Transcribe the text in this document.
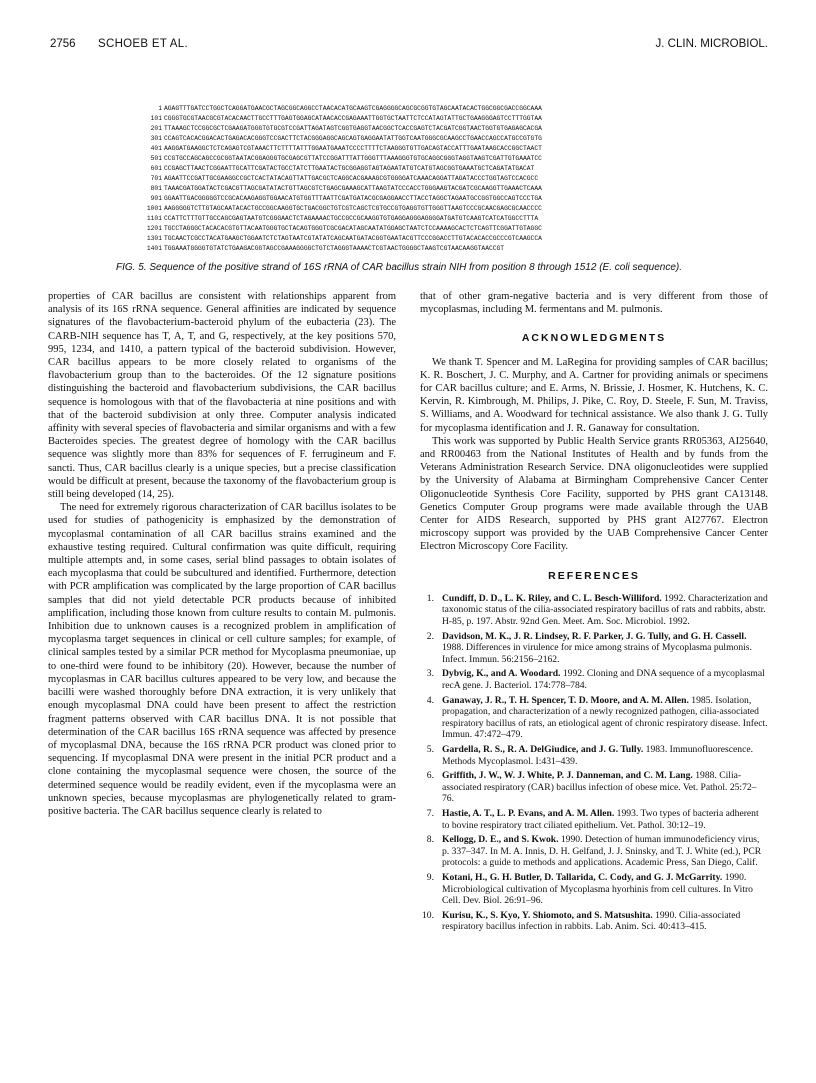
2756 SCHOEB ET AL.	J. CLIN. MICROBIOL.
1 AGAGTTTGATCCTGGCTCAGGATGAACGCTAGCGGCAGGCCTAACACATGCAAGTCGAGGGGCAGCGCGGTGTAGCAATACACTGGCGGCGACCGGCAAA
101 CGGGTGCGTAACGCGTACACAACTTGCCTTTGAGTGGAGCATAACACCGAGAAATTGGTGCTAATTCTCCATAGTATTGCTGAAGGGAGTCCTTTGGTAA
201 TTAAAGCTCCGGCGCTCGAAGATGGGTGTGCGTCCGATTAGATAGTCGGTGAGGTAACGGCTCACCGAGTCTACGATCGGTAACTGGTGTGAGAGCACGA
301 CCAGTCACACGGACACTGAGACACGGGTCCGACTTCTACGGGAGGCAGCAGTGAGGAATATTGGTCAATGGGCGCAAGCCTGAACCAGCCATGCCGTGTG
401 AAGGATGAAGGCTCTCAGAGTCGTAAACTTCTTTTATTTGGAATGAAATCCCCTTTTCTAAGGGTGTTGACAGTACCATTTGAATAAGCACCGGCTAACT
501 CCGTGCCAGCAGCCGCGGTAATACGGAGGGTGCGAGCGTTATCCGGATTTATTGGGTTTAAAGGGTGTGCAGGCGGGTAGGTAAGTCGATTGTGAAATCC
601 CCGAGCTTAACTCGGAATTGCATTCGATACTGCCTATCTTGAATACTGCGGAGGTAGTAGAATATGTCATGTAGCGGTGAAATGCTCAGATATGACAT
701 AGAATTCCGATTGCGAAGGCCGCTCACTATACAGTTATTGACGCTCAGGCACGAAAGCGTGGGGATCAAACAGGATTAGATACCCTGGTAGTCCACGCC
801 TAAACGATGGATACTCGACGTTAGCGATATACTGTTAGCGTCTGAGCGAAAGCATTAAGTATCCCACCTGGGAAGTACGATCGCAAGGTTGAAACTCAAA
901 GGAATTGACGGGGGTCCGCACAAGAGGTGGAACATGTGGTTTAATTCGATGATACGCGAGGAACCTTACCTAGGCTAGAATGCCGGTGGCCAGTCCCTGA
1001 AAGGGGGTCTTGTAGCAATACACTGCCGGCAAGGTGCTGACGGCTGTCGTCAGCTCGTGCCGTGAGGTGTTGGGTTAAGTCCCGCAACGAGCGCAACCCC
1101 CCATTCTTTGTTGCCAGCGAGTAATGTCGGGAACTCTAGAAAACTGCCGCCGCAAGGTGTGAGGAGGGAGGGGATGATGTCAAGTCATCATGGCCTTTA
1201 TGCCTAGGGCTACACACGTGTTACAATGGGTGCTACAGTGGGTCGCGACATAGCAATATGGAGCTAATCTCCAAAAGCACTCTCAGTTCGGATTGTAGGC
1301 TGCAACTCGCCTACATGAAGCTGGAATCTCTAGTAATCGTATATCAGCAATGATACGGTGAATACGTTCCCGGACCTTGTACACACCGCCCGTCAAGCCA
1401 TGGAAATGGGGTGTATCTGAAGACGGTAGCCGAAAGGGGCTGTCTAGGGTAAAACTCGTAACTGGGGCTAAGTCGTAACAAGGTAACCGT
FIG. 5. Sequence of the positive strand of 16S rRNA of CAR bacillus strain NIH from position 8 through 1512 (E. coli sequence).

properties of CAR bacillus are consistent with relationships apparent from analysis of its 16S rRNA sequence. General affinities are indicated by sequence signatures of the flavobacterium-bacteroid phylum of the eubacteria (23). The CARB-NIH sequence has T, A, T, and G, respectively, at the key positions 570, 995, 1234, and 1410, a pattern typical of the bacteroid subdivision. However, CAR bacillus appears to be more closely related to organisms of the flavobacterium group than to the bacteroides. Of the 12 signature positions distinguishing the bacteroid and flavobacterium subdivisions, the CAR bacillus sequence is homologous with that of the flavobacteria at nine positions and with that of the bacteroid subdivision at only three. Computer analysis indicated affinity with several species of flavobacteria and similar organisms and with a few Bacteroides species. The greatest degree of homology with the CAR bacillus sequence was slightly more than 83% for sequences of F. ferrugineum and F. sancti. Thus, CAR bacillus clearly is a unique species, but a precise classification would be difficult at present, because the taxonomy of the flavobacterium group is still being developed (14, 25).

The need for extremely rigorous characterization of CAR bacillus isolates to be used for studies of pathogenicity is emphasized by the demonstration of mycoplasmal contamination of all CAR bacillus strains examined and the exhaustive testing required. Cultural confirmation was quite difficult, requiring multiple attempts and, in some cases, serial blind passages to obtain isolates of each mycoplasma that could be subcultured and identified. Furthermore, detection with PCR amplification was complicated by the large proportion of CAR bacillus samples that did not yield detectable PCR products because of inhibited amplification, including those known from culture results to contain M. pulmonis. Inhibition due to unknown causes is a recognized problem in amplification of mycoplasma target sequences in clinical or cell culture samples; for example, of clinical samples tested by a similar PCR method for Mycoplasma pneumoniae, up to one-third were found to be inhibitory (20). However, because the number of mycoplasmas in CAR bacillus cultures appeared to be very low, and because the bacilli were washed thoroughly before DNA extraction, it is very unlikely that enough mycoplasmal DNA could have been present to affect the restriction fragment patterns observed with CAR bacillus DNA. It is not possible that determination of the CAR bacillus 16S rRNA sequence was affected by presence of mycoplasmal DNA, because the 16S rRNA PCR product was cloned prior to sequencing. If mycoplasmal DNA were present in the initial PCR product and a clone containing the mycoplasmal sequence were chosen, the source of the determined sequence would be readily evident, even if the mycoplasma were an unknown species, because mycoplasmas are phylogenetically related to gram-positive bacteria. The CAR bacillus sequence clearly is related to

that of other gram-negative bacteria and is very different from those of mycoplasmas, including M. fermentans and M. pulmonis.

ACKNOWLEDGMENTS

We thank T. Spencer and M. LaRegina for providing samples of CAR bacillus; K. R. Boschert, J. C. Murphy, and A. Cartner for providing animals or specimens for CAR bacillus culture; and E. Arms, N. Brissie, J. Hosmer, K. Hutchens, K. C. Kervin, R. Kimbrough, M. Philips, J. Pike, C. Roy, D. Steele, F. Sun, M. Traviss, S. Williams, and A. Woodward for technical assistance. We also thank J. G. Tully for mycoplasma identification and J. R. Ganaway for consultation.

This work was supported by Public Health Service grants RR05363, AI25640, and RR00463 from the National Institutes of Health and by funds from the Veterans Administration Research Service. DNA oligonucleotides were supplied by the University of Alabama at Birmingham Comprehensive Cancer Center Oligonucleotide Synthesis Core Facility, supported by PHS grant CA13148. Genetics Computer Group programs were made available through the UAB Center for AIDS Research, supported by PHS grant AI27767. Electron microscopy support was provided by the UAB Comprehensive Cancer Center Electron Microscopy Core Facility.

REFERENCES
1. Cundiff, D. D., L. K. Riley, and C. L. Besch-Williford. 1992. Characterization and taxonomic status of the cilia-associated respiratory bacillus of rats and rabbits, abstr. H-85, p. 197. Abstr. 92nd Gen. Meet. Am. Soc. Microbiol. 1992.
2. Davidson, M. K., J. R. Lindsey, R. F. Parker, J. G. Tully, and G. H. Cassell. 1988. Differences in virulence for mice among strains of Mycoplasma pulmonis. Infect. Immun. 56:2156–2162.
3. Dybvig, K., and A. Woodard. 1992. Cloning and DNA sequence of a mycoplasmal recA gene. J. Bacteriol. 174:778–784.
4. Ganaway, J. R., T. H. Spencer, T. D. Moore, and A. M. Allen. 1985. Isolation, propagation, and characterization of a newly recognized pathogen, cilia-associated respiratory bacillus of rats, an etiological agent of chronic respiratory disease. Infect. Immun. 47:472–479.
5. Gardella, R. S., R. A. DelGiudice, and J. G. Tully. 1983. Immunofluorescence. Methods Mycoplasmol. I:431–439.
6. Griffith, J. W., W. J. White, P. J. Danneman, and C. M. Lang. 1988. Cilia-associated respiratory (CAR) bacillus infection of obese mice. Vet. Pathol. 25:72–76.
7. Hastie, A. T., L. P. Evans, and A. M. Allen. 1993. Two types of bacteria adherent to bovine respiratory tract ciliated epithelium. Vet. Pathol. 30:12–19.
8. Kellogg, D. E., and S. Kwok. 1990. Detection of human immunodeficiency virus, p. 337–347. In M. A. Innis, D. H. Gelfand, J. J. Sninsky, and T. J. White (ed.), PCR protocols: a guide to methods and applications. Academic Press, San Diego, Calif.
9. Kotani, H., G. H. Butler, D. Tallarida, C. Cody, and G. J. McGarrity. 1990. Microbiological cultivation of Mycoplasma hyorhinis from cell cultures. In Vitro Cell. Dev. Biol. 26:91–96.
10. Kurisu, K., S. Kyo, Y. Shiomoto, and S. Matsushita. 1990. Cilia-associated respiratory bacillus infection in rabbits. Lab. Anim. Sci. 40:413–415.
